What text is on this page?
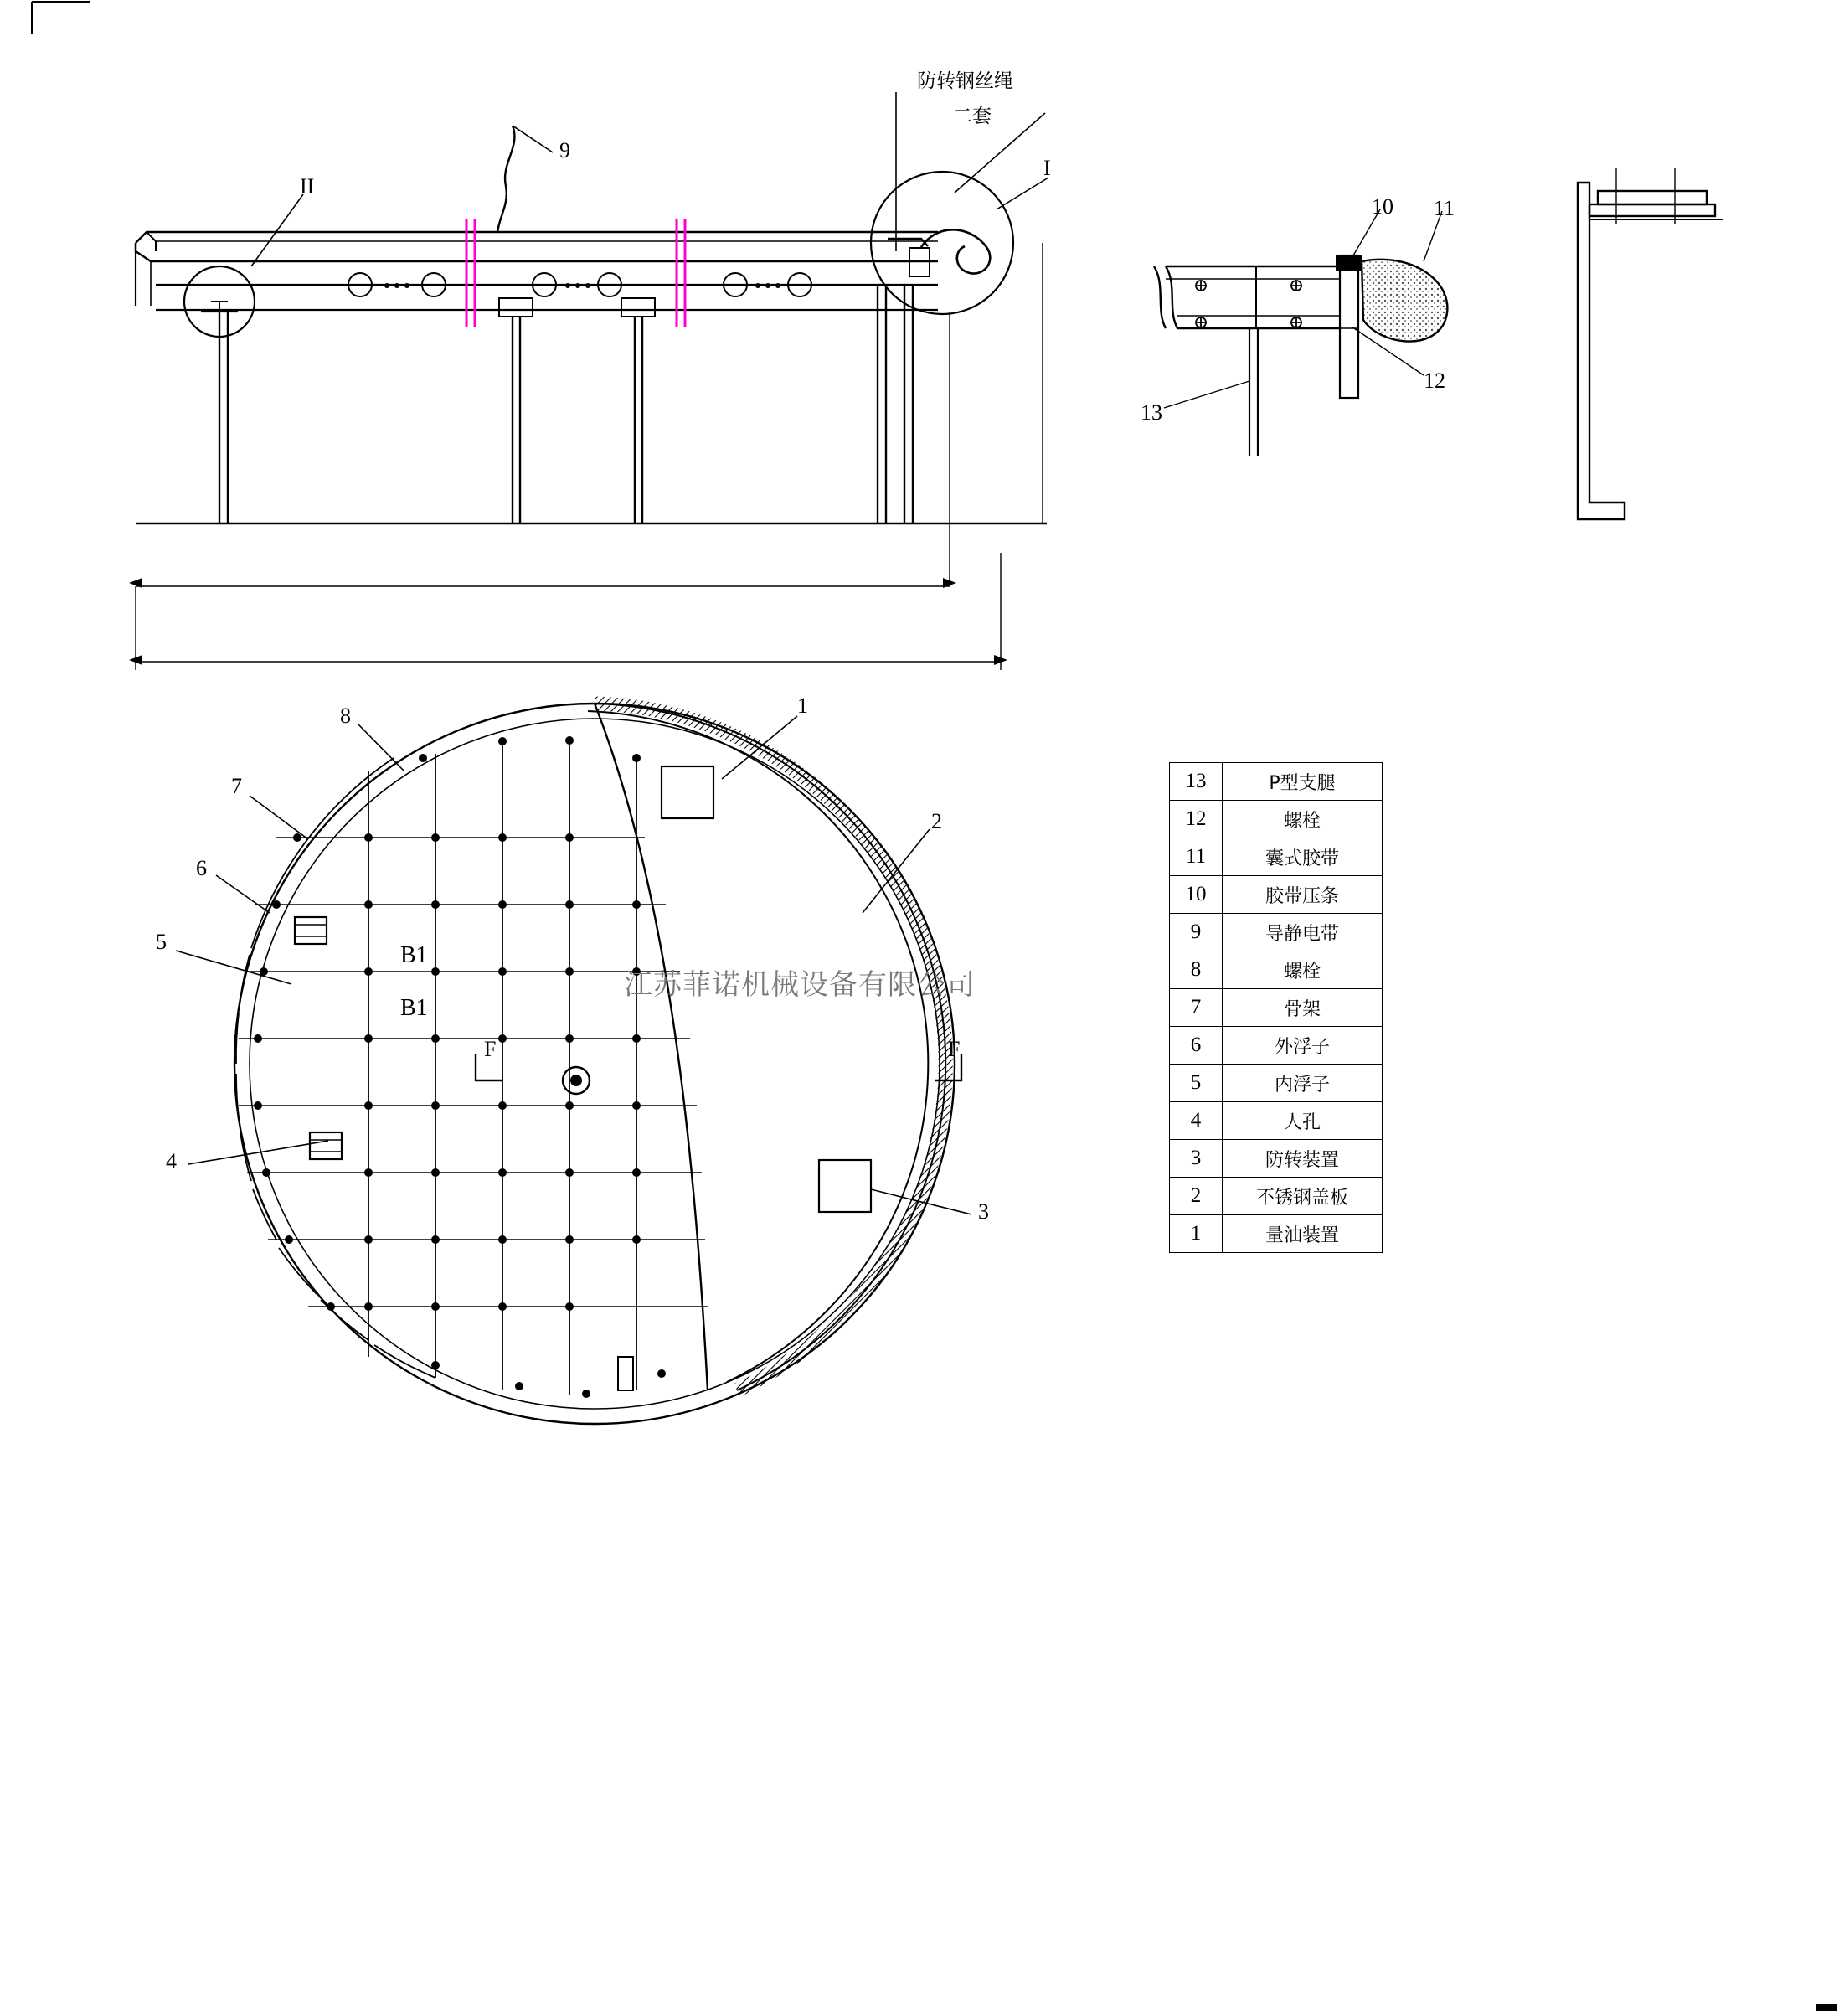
防转钢丝绳
二套
I
II
9
10 11
12
13
1
2
3
4
5
6
7
8
F	F
B1
B1
江苏菲诺机械设备有限公司
13	P型支腿
12	螺栓
11	囊式胶带
10	胶带压条
9	导静电带
8	螺栓
7	骨架
6	外浮子
5	内浮子
4	人孔
3	防转装置
2	不锈钢盖板
1	量油装置
